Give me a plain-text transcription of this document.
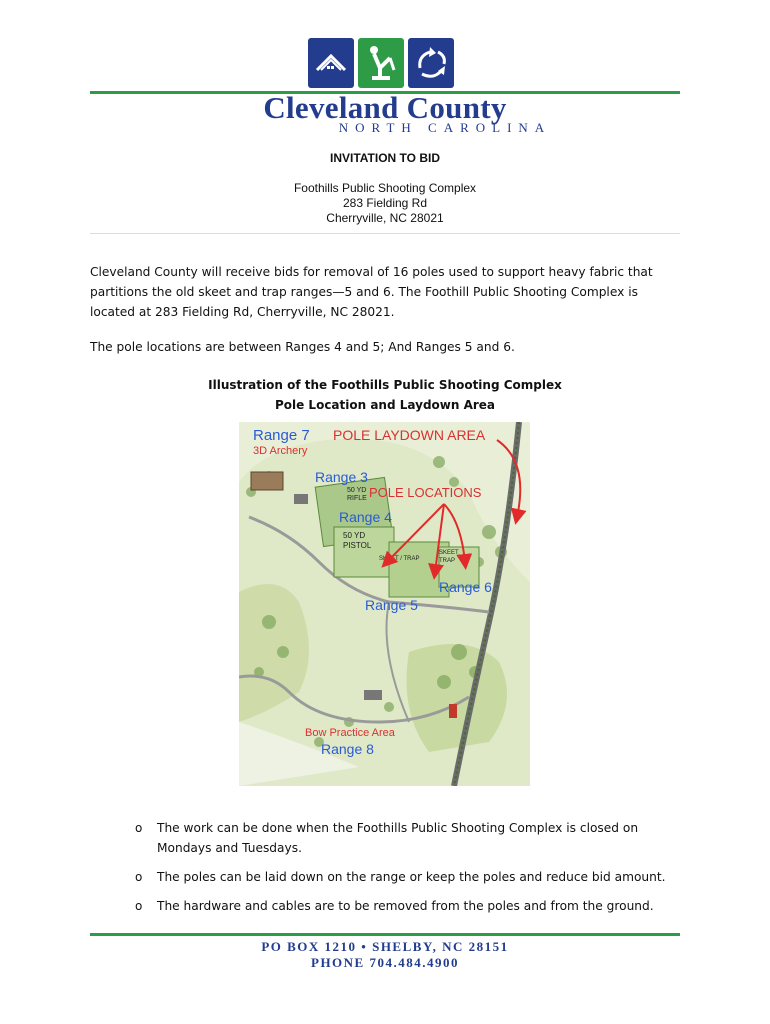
Cleveland County
NORTH CAROLINA
INVITATION TO BID
Foothills Public Shooting Complex
283 Fielding Rd
Cherryville, NC 28021
Cleveland County will receive bids for removal of 16 poles used to support heavy fabric that partitions the old skeet and trap ranges—5 and 6. The Foothill Public Shooting Complex is located at 283 Fielding Rd, Cherryville, NC 28021.
The pole locations are between Ranges 4 and 5; And Ranges 5 and 6.
Illustration of the Foothills Public Shooting Complex
Pole Location and Laydown Area
Range 7
3D Archery
POLE LAYDOWN AREA
Range 3
POLE LOCATIONS
Range 4
Range 6
Range 5
Bow Practice Area
Range 8
50 YD
RIFLE
50 YD
PISTOL
SKEET / TRAP
SKEET
TRAP
o The work can be done when the Foothills Public Shooting Complex is closed on Mondays and Tuesdays.
o The poles can be laid down on the range or keep the poles and reduce bid amount.
o The hardware and cables are to be removed from the poles and from the ground.
PO BOX 1210 • SHELBY, NC 28151
PHONE 704.484.4900
